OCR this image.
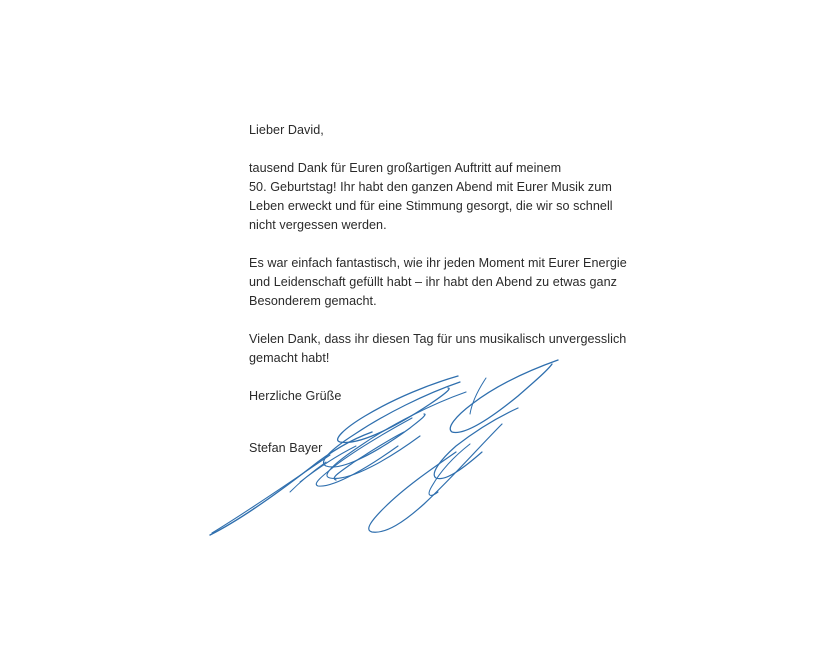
Lieber David,

tausend Dank für Euren großartigen Auftritt auf meinem
50. Geburtstag! Ihr habt den ganzen Abend mit Eurer Musik zum
Leben erweckt und für eine Stimmung gesorgt, die wir so schnell
nicht vergessen werden.

Es war einfach fantastisch, wie ihr jeden Moment mit Eurer Energie
und Leidenschaft gefüllt habt – ihr habt den Abend zu etwas ganz
Besonderem gemacht.

Vielen Dank, dass ihr diesen Tag für uns musikalisch unvergesslich
gemacht habt!

Herzliche Grüße

Stefan Bayer
